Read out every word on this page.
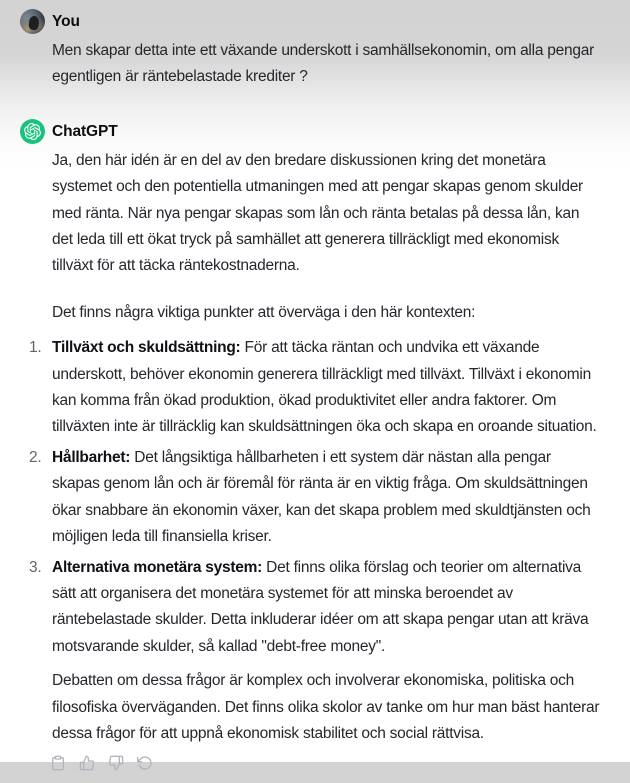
You

Men skapar detta inte ett växande underskott i samhällsekonomin, om alla pengar egentligen är räntebelastade krediter ?

ChatGPT

Ja, den här idén är en del av den bredare diskussionen kring det monetära systemet och den potentiella utmaningen med att pengar skapas genom skulder med ränta. När nya pengar skapas som lån och ränta betalas på dessa lån, kan det leda till ett ökat tryck på samhället att generera tillräckligt med ekonomisk tillväxt för att täcka räntekostnaderna.

Det finns några viktiga punkter att överväga i den här kontexten:

1. Tillväxt och skuldsättning: För att täcka räntan och undvika ett växande underskott, behöver ekonomin generera tillräckligt med tillväxt. Tillväxt i ekonomin kan komma från ökad produktion, ökad produktivitet eller andra faktorer. Om tillväxten inte är tillräcklig kan skuldsättningen öka och skapa en oroande situation.
2. Hållbarhet: Det långsiktiga hållbarheten i ett system där nästan alla pengar skapas genom lån och är föremål för ränta är en viktig fråga. Om skuldsättningen ökar snabbare än ekonomin växer, kan det skapa problem med skuldtjänsten och möjligen leda till finansiella kriser.
3. Alternativa monetära system: Det finns olika förslag och teorier om alternativa sätt att organisera det monetära systemet för att minska beroendet av räntebelastade skulder. Detta inkluderar idéer om att skapa pengar utan att kräva motsvarande skulder, så kallad "debt-free money".

Debatten om dessa frågor är komplex och involverar ekonomiska, politiska och filosofiska överväganden. Det finns olika skolor av tanke om hur man bäst hanterar dessa frågor för att uppnå ekonomisk stabilitet och social rättvisa.
